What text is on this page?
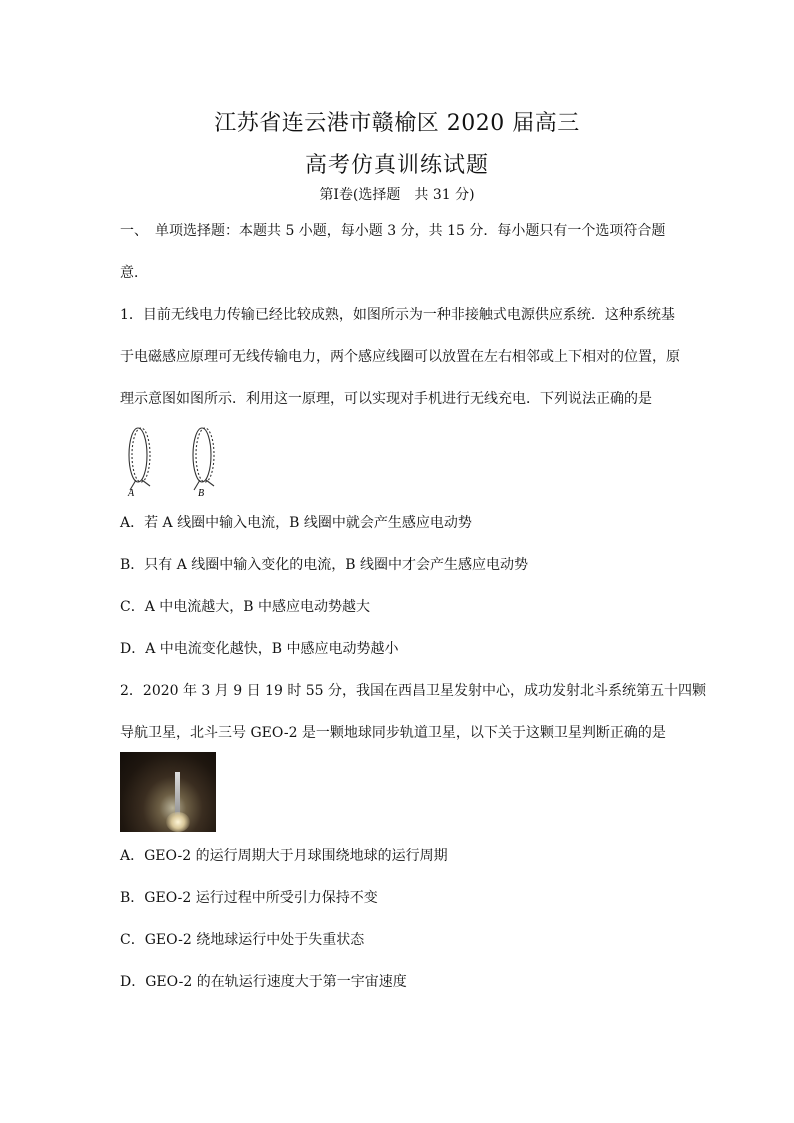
江苏省连云港市赣榆区 2020 届高三
高考仿真训练试题
第Ⅰ卷(选择题　共 31 分)
一、　单项选择题：本题共 5 小题，每小题 3 分，共 15 分．每小题只有一个选项符合题
意．
1．目前无线电力传输已经比较成熟，如图所示为一种非接触式电源供应系统．这种系统基
于电磁感应原理可无线传输电力，两个感应线圈可以放置在左右相邻或上下相对的位置，原
理示意图如图所示．利用这一原理，可以实现对手机进行无线充电．下列说法正确的是
A	B
A．若 A 线圈中输入电流，B 线圈中就会产生感应电动势
B．只有 A 线圈中输入变化的电流，B 线圈中才会产生感应电动势
C．A 中电流越大，B 中感应电动势越大
D．A 中电流变化越快，B 中感应电动势越小
2．2020 年 3 月 9 日 19 时 55 分，我国在西昌卫星发射中心，成功发射北斗系统第五十四颗
导航卫星，北斗三号 GEO-2 是一颗地球同步轨道卫星，以下关于这颗卫星判断正确的是
A．GEO-2 的运行周期大于月球围绕地球的运行周期
B．GEO-2 运行过程中所受引力保持不变
C．GEO-2 绕地球运行中处于失重状态
D．GEO-2 的在轨运行速度大于第一宇宙速度
